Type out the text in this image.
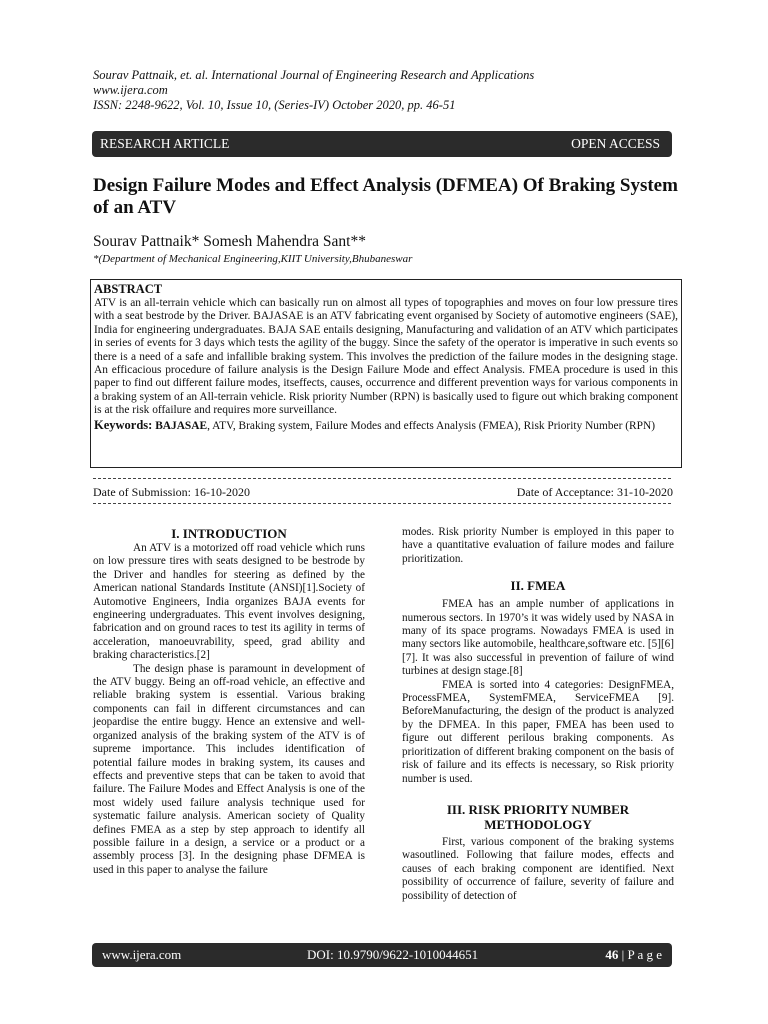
Sourav Pattnaik, et. al. International Journal of Engineering Research and Applications
www.ijera.com
ISSN: 2248-9622, Vol. 10, Issue 10, (Series-IV) October 2020, pp. 46-51
RESEARCH ARTICLE	OPEN ACCESS
Design Failure Modes and Effect Analysis (DFMEA) Of Braking System of an ATV
Sourav Pattnaik* Somesh Mahendra Sant**
*(Department of Mechanical Engineering,KIIT University,Bhubaneswar
ABSTRACT
ATV is an all-terrain vehicle which can basically run on almost all types of topographies and moves on four low pressure tires with a seat bestrode by the Driver. BAJASAE is an ATV fabricating event organised by Society of automotive engineers (SAE), India for engineering undergraduates. BAJA SAE entails designing, Manufacturing and validation of an ATV which participates in series of events for 3 days which tests the agility of the buggy. Since the safety of the operator is imperative in such events so there is a need of a safe and infallible braking system. This involves the prediction of the failure modes in the designing stage. An efficacious procedure of failure analysis is the Design Failure Mode and effect Analysis. FMEA procedure is used in this paper to find out different failure modes, itseffects, causes, occurrence and different prevention ways for various components in a braking system of an All-terrain vehicle. Risk priority Number (RPN) is basically used to figure out which braking component is at the risk offailure and requires more surveillance.
Keywords: BAJASAE, ATV, Braking system, Failure Modes and effects Analysis (FMEA), Risk Priority Number (RPN)
Date of Submission: 16-10-2020	Date of Acceptance: 31-10-2020
I. INTRODUCTION

An ATV is a motorized off road vehicle which runs on low pressure tires with seats designed to be bestrode by the Driver and handles for steering as defined by the American national Standards Institute (ANSI)[1].Society of Automotive Engineers, India organizes BAJA events for engineering undergraduates. This event involves designing, fabrication and on ground races to test its agility in terms of acceleration, manoeuvrability, speed, grad ability and braking characteristics.[2]

The design phase is paramount in development of the ATV buggy. Being an off-road vehicle, an effective and reliable braking system is essential. Various braking components can fail in different circumstances and can jeopardise the entire buggy. Hence an extensive and well-organized analysis of the braking system of the ATV is of supreme importance. This includes identification of potential failure modes in braking system, its causes and effects and preventive steps that can be taken to avoid that failure. The Failure Modes and Effect Analysis is one of the most widely used failure analysis technique used for systematic failure analysis. American society of Quality defines FMEA as a step by step approach to identify all possible failure in a design, a service or a product or a assembly process [3]. In the designing phase DFMEA is used in this paper to analyse the failure

modes. Risk priority Number is employed in this paper to have a quantitative evaluation of failure modes and failure prioritization.

II. FMEA

FMEA has an ample number of applications in numerous sectors. In 1970’s it was widely used by NASA in many of its space programs. Nowadays FMEA is used in many sectors like automobile, healthcare,software etc. [5][6][7]. It was also successful in prevention of failure of wind turbines at design stage.[8]

FMEA is sorted into 4 categories: DesignFMEA, ProcessFMEA, SystemFMEA, ServiceFMEA [9]. BeforeManufacturing, the design of the product is analyzed by the DFMEA. In this paper, FMEA has been used to figure out different perilous braking components. As prioritization of different braking component on the basis of risk of failure and its effects is necessary, so Risk priority number is used.

III. RISK PRIORITY NUMBER
METHODOLOGY

First, various component of the braking systems wasoutlined. Following that failure modes, effects and causes of each braking component are identified. Next possibility of occurrence of failure, severity of failure and possibility of detection of

www.ijera.com	DOI: 10.9790/9622-1010044651	46 | P a g e
